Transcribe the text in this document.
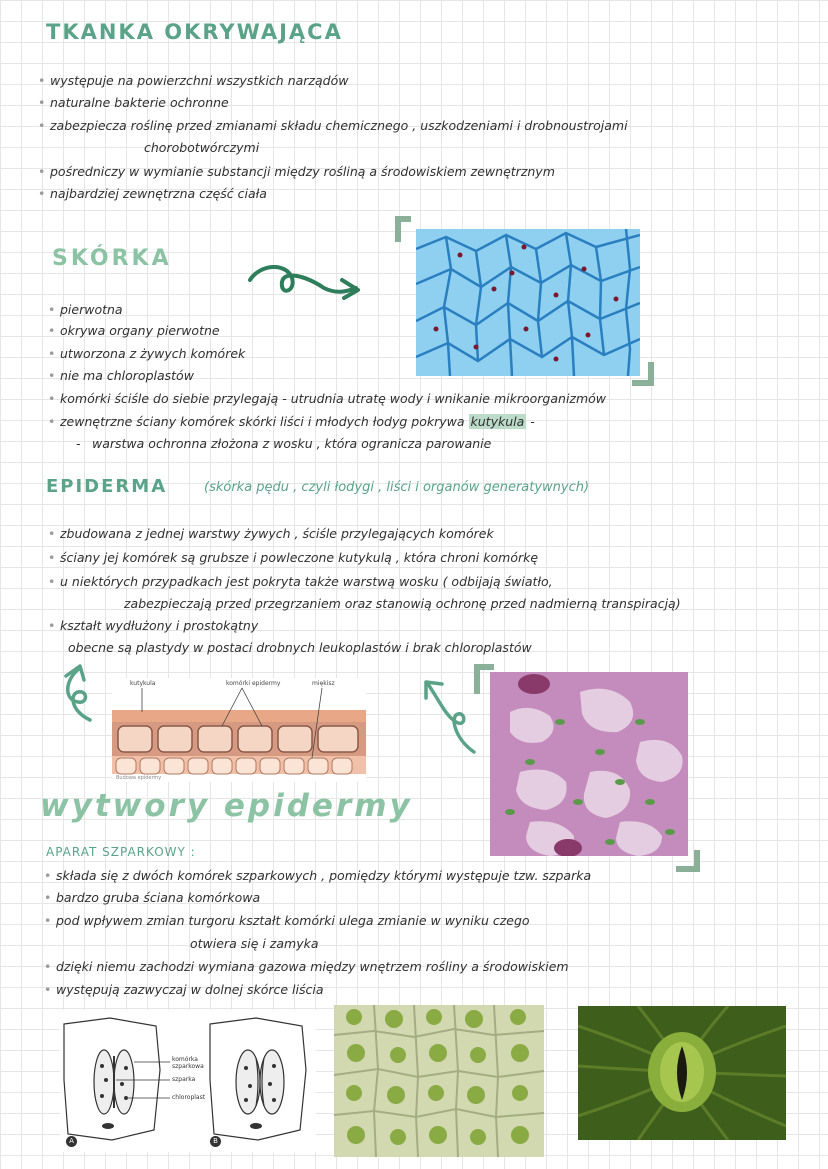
TKANKA OKRYWAJĄCA
SKÓRKA
EPIDERMA	(skórka pędu , czyli łodygi , liści i organów generatywnych)
wytwory epidermy
APARAT SZPARKOWY :
• występuje na powierzchni wszystkich narządów
• naturalne bakterie ochronne
• zabezpiecza roślinę przed zmianami składu chemicznego , uszkodzeniami i drobnoustrojami
chorobotwórczymi
• pośredniczy w wymianie substancji między rośliną a środowiskiem zewnętrznym
• najbardziej zewnętrzna część ciała
• pierwotna
• okrywa organy pierwotne
• utworzona z żywych komórek
• nie ma chloroplastów
• komórki ściśle do siebie przylegają - utrudnia utratę wody i wnikanie mikroorganizmów
• zewnętrzne ściany komórek skórki liści i młodych łodyg pokrywa kutykula -
- warstwa ochronna złożona z wosku , która ogranicza parowanie
• zbudowana z jednej warstwy żywych , ściśle przylegających komórek
• ściany jej komórek są grubsze i powleczone kutykulą , która chroni komórkę
• u niektórych przypadkach jest pokryta także warstwą wosku ( odbijają światło,
zabezpieczają przed przegrzaniem oraz stanowią ochronę przed nadmierną transpiracją)
• kształt wydłużony i prostokątny
obecne są plastydy w postaci drobnych leukoplastów i brak chloroplastów
kutykula	komórki epidermy	miękisz
Budowa epidermy
• składa się z dwóch komórek szparkowych , pomiędzy którymi występuje tzw. szparka
• bardzo gruba ściana komórkowa
• pod wpływem zmian turgoru kształt komórki ulega zmianie w wyniku czego
otwiera się i zamyka
• dzięki niemu zachodzi wymiana gazowa między wnętrzem rośliny a środowiskiem
• występują zazwyczaj w dolnej skórce liścia
komórka szparkowa
szparka
chloroplast
A	B
